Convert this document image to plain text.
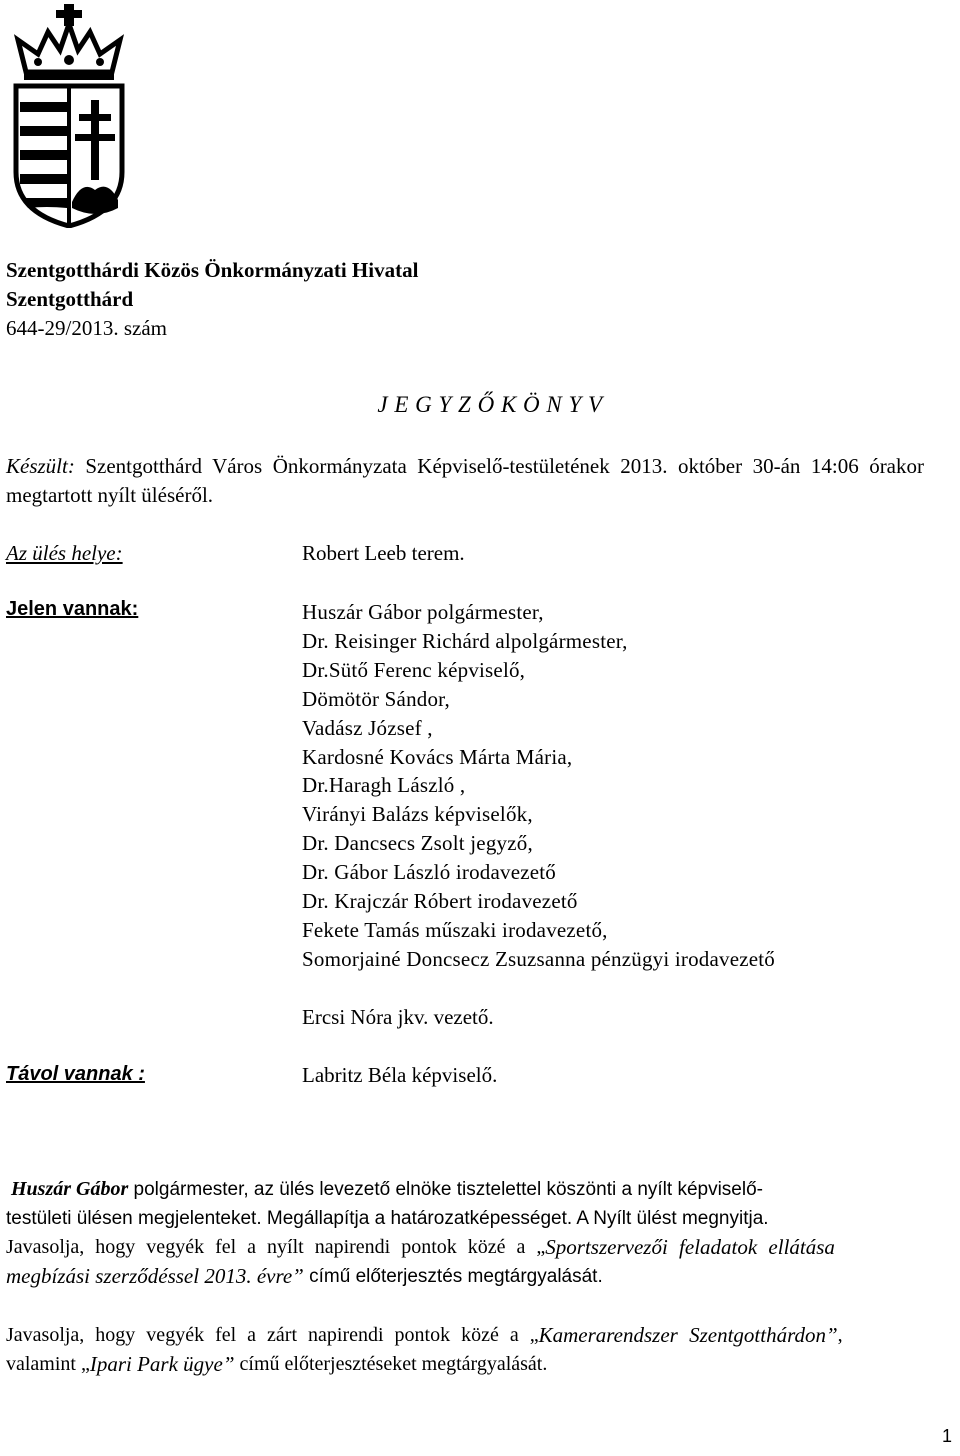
Szentgotthárdi Közös Önkormányzati Hivatal
Szentgotthárd
644-29/2013. szám
J E G Y Z Ő K Ö N Y V
Készült: Szentgotthárd Város Önkormányzata Képviselő-testületének 2013. október 30-án 14:06 órakor megtartott nyílt üléséről.
Az ülés helye:	Robert Leeb terem.
Jelen vannak:	Huszár Gábor polgármester,
Dr. Reisinger Richárd alpolgármester,
Dr.Sütő Ferenc képviselő,
Dömötör Sándor,
Vadász József ,
Kardosné Kovács Márta Mária,
Dr.Haragh László ,
Virányi Balázs képviselők,
Dr. Dancsecs Zsolt jegyző,
Dr. Gábor László irodavezető
Dr. Krajczár Róbert irodavezető
Fekete Tamás műszaki irodavezető,
Somorjainé Doncsecz Zsuzsanna pénzügyi irodavezető
Ercsi Nóra jkv. vezető.
Távol vannak :	Labritz Béla képviselő.

Huszár Gábor polgármester, az ülés levezető elnöke tisztelettel köszönti a nyílt képviselő-
testületi ülésen megjelenteket. Megállapítja a határozatképességet. A Nyílt ülést megnyitja.
Javasolja, hogy vegyék fel a nyílt napirendi pontok közé a „ Sportszervezői feladatok ellátása
megbízási szerződéssel 2013. évre” című előterjesztés megtárgyalását.
Javasolja, hogy vegyék fel a zárt napirendi pontok közé a „ Kamerarendszer Szentgotthárdon” ,
valamint „ Ipari Park ügye” című előterjesztéseket megtárgyalását.
1
